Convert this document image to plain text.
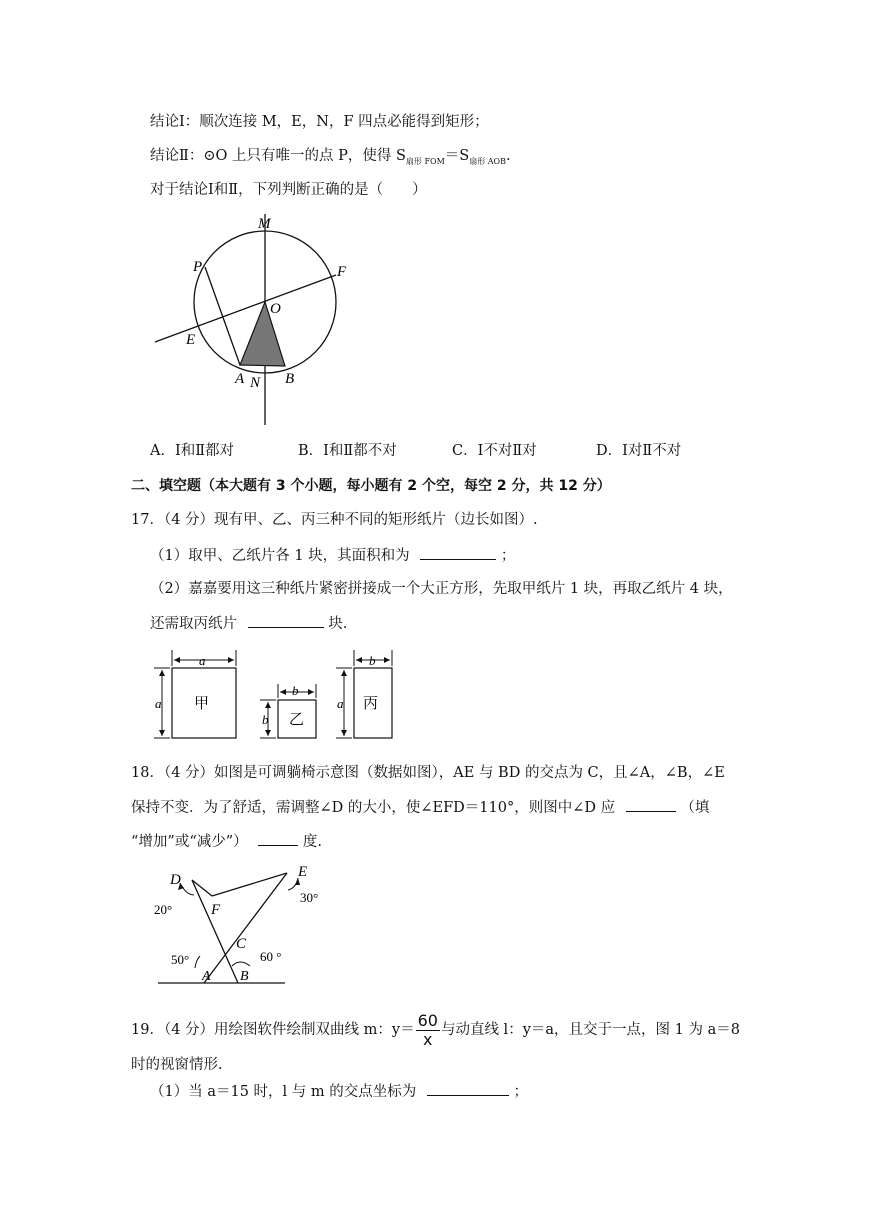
结论Ⅰ：顺次连接 M，E，N，F 四点必能得到矩形；
结论Ⅱ：⊙O 上只有唯一的点 P，使得 $S_{扇形 FOM}=S_{扇形 AOB}$.
对于结论Ⅰ和Ⅱ，下列判断正确的是（　　）
M
P	F
O
E
A N B
A．Ⅰ和Ⅱ都对	B．Ⅰ和Ⅱ都不对	C．Ⅰ不对Ⅱ对	D．Ⅰ对Ⅱ不对
二、填空题（本大题有 3 个小题，每小题有 2 个空，每空 2 分，共 12 分）
17．（4 分）现有甲、乙、丙三种不同的矩形纸片（边长如图）.
（1）取甲、乙纸片各 1 块，其面积和为	；
（2）嘉嘉要用这三种纸片紧密拼接成一个大正方形，先取甲纸片 1 块，再取乙纸片 4 块，
还需取丙纸片	块.
a
a 甲
b
b 乙
b
a 丙
18．（4 分）如图是可调躺椅示意图（数据如图），AE 与 BD 的交点为 C，且∠A，∠B，∠E
保持不变．为了舒适，需调整∠D 的大小，使∠EFD＝110°，则图中∠D 应	（填
“增加”或“减少”）	度.
D	E
F
C
A B
20°
30°
50°	60 °
19．（4 分）用绘图软件绘制双曲线 m：$y= \frac{60}{x}$ 与动直线 l：y＝a，且交于一点，图 1 为 a＝8
时的视窗情形.
（1）当 a＝15 时，l 与 m 的交点坐标为	；
